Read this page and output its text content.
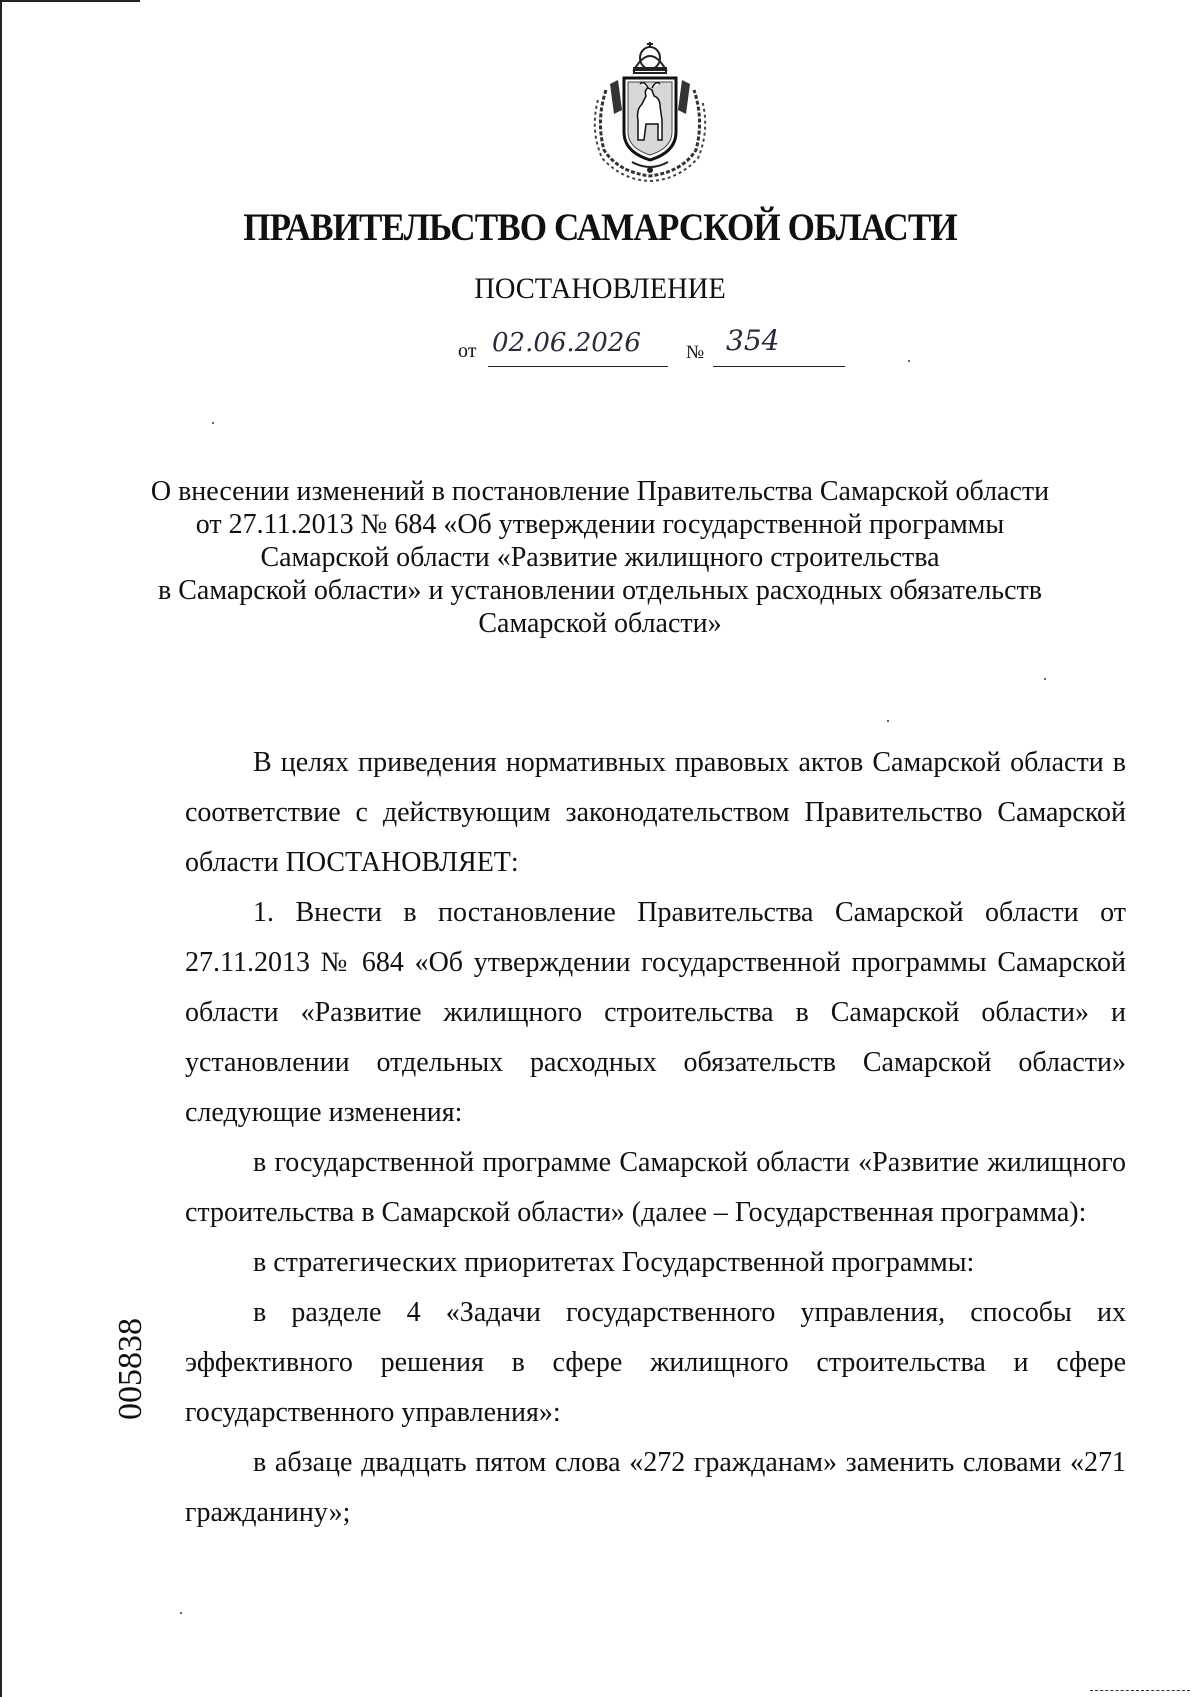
ПРАВИТЕЛЬСТВО САМАРСКОЙ ОБЛАСТИ
ПОСТАНОВЛЕНИЕ
от 02.06.2026 № 354
О внесении изменений в постановление Правительства Самарской области
от 27.11.2013 № 684 «Об утверждении государственной программы
Самарской области «Развитие жилищного строительства
в Самарской области» и установлении отдельных расходных обязательств
Самарской области»

В целях приведения нормативных правовых актов Самарской области в соответствие с действующим законодательством Правительство Самарской области ПОСТАНОВЛЯЕТ:

1. Внести в постановление Правительства Самарской области от 27.11.2013 № 684 «Об утверждении государственной программы Самарской области «Развитие жилищного строительства в Самарской области» и установлении отдельных расходных обязательств Самарской области» следующие изменения:

в государственной программе Самарской области «Развитие жилищного строительства в Самарской области» (далее – Государственная программа):

в стратегических приоритетах Государственной программы:

в разделе 4 «Задачи государственного управления, способы их эффективного решения в сфере жилищного строительства и сфере государственного управления»:

в абзаце двадцать пятом слова «272 гражданам» заменить словами «271 гражданину»;

005838
